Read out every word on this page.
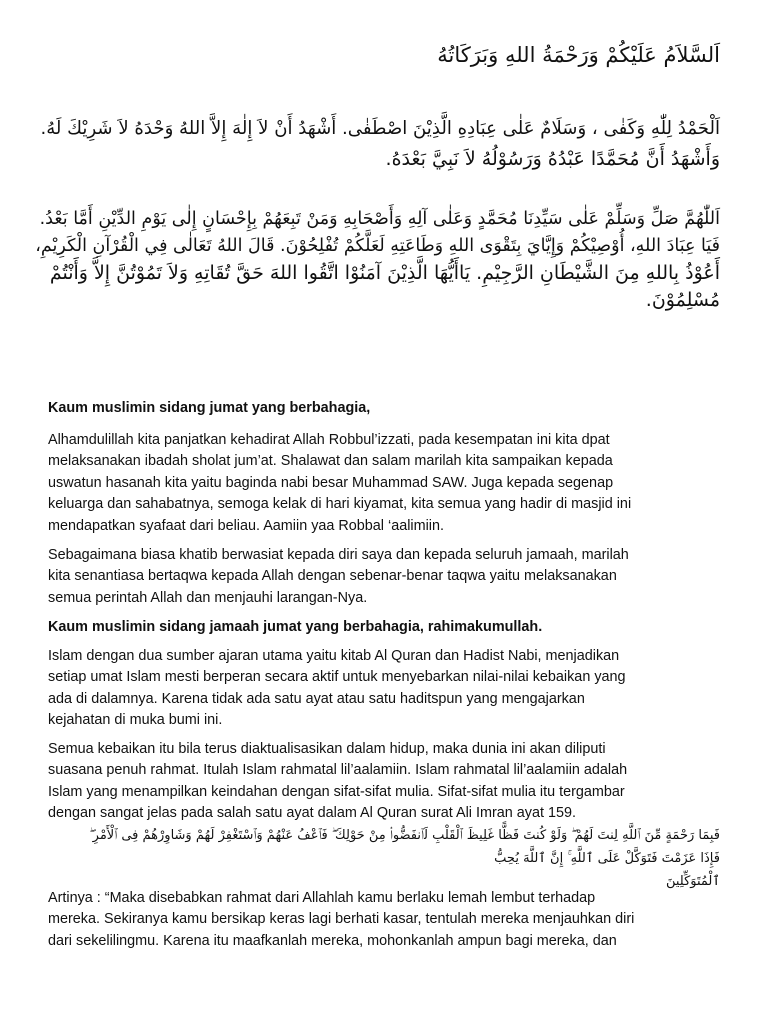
اَلسَّلاَمُ عَلَيْكُمْ وَرَحْمَةُ اللهِ وَبَرَكَاتُهُ
اَلْحَمْدُ لِلّٰهِ وَكَفٰى ، وَسَلَامٌ عَلٰى عِبَادِهِ الَّذِيْنَ اصْطَفٰى. أَشْهَدُ أَنْ لاَ إِلٰهَ إِلاَّ اللهُ وَحْدَهُ لاَ شَرِيْكَ لَهُ.
وَأَشْهَدُ أَنَّ مُحَمَّدًا عَبْدُهُ وَرَسُوْلُهُ لاَ نَبِيَّ بَعْدَهُ.
اَللّٰهُمَّ صَلِّ وَسَلِّمْ عَلٰى سَيِّدِنَا مُحَمَّدٍ وَعَلٰى آلِهِ وَأَصْحَابِهِ وَمَنْ تَبِعَهُمْ بِإِحْسَانٍ إِلٰى يَوْمِ الدِّيْنِ أَمَّا بَعْدُ.
فَيَا عِبَادَ اللهِ، أُوْصِيْكُمْ وَإِيَّايَ بِتَقْوَى اللهِ وَطَاعَتِهِ لَعَلَّكُمْ تُفْلِحُوْنَ. قَالَ اللهُ تَعَالٰى فِي الْقُرْآنِ الْكَرِيْمِ،
أَعُوْذُ بِاللهِ مِنَ الشَّيْطَانِ الرَّجِيْمِ. يَاأَيُّهَا الَّذِيْنَ آمَنُوْا اتَّقُوا اللهَ حَقَّ تُقَاتِهِ وَلاَ تَمُوْتُنَّ إِلاَّ وَأَنْتُمْ
مُسْلِمُوْنَ.
Kaum muslimin sidang jumat yang berbahagia,
Alhamdulillah kita panjatkan kehadirat Allah Robbul’izzati, pada kesempatan ini kita dpat
melaksanakan ibadah sholat jum’at. Shalawat dan salam marilah kita sampaikan kepada
uswatun hasanah kita yaitu baginda nabi besar Muhammad SAW. Juga kepada segenap
keluarga dan sahabatnya, semoga kelak di hari kiyamat, kita semua yang hadir di masjid ini
mendapatkan syafaat dari beliau. Aamiin yaa Robbal ‘aalimiin.
Sebagaimana biasa khatib berwasiat kepada diri saya dan kepada seluruh jamaah, marilah
kita senantiasa bertaqwa kepada Allah dengan sebenar-benar taqwa yaitu melaksanakan
semua perintah Allah dan menjauhi larangan-Nya.
Kaum muslimin sidang jamaah jumat yang berbahagia, rahimakumullah.
Islam dengan dua sumber ajaran utama yaitu kitab Al Quran dan Hadist Nabi, menjadikan
setiap umat Islam mesti berperan secara aktif untuk menyebarkan nilai-nilai kebaikan yang
ada di dalamnya. Karena tidak ada satu ayat atau satu haditspun yang mengajarkan
kejahatan di muka bumi ini.
Semua kebaikan itu bila terus diaktualisasikan dalam hidup, maka dunia ini akan diliputi
suasana penuh rahmat. Itulah Islam rahmatal lil’aalamiin. Islam rahmatal lil’aalamiin adalah
Islam yang menampilkan keindahan dengan sifat-sifat mulia. Sifat-sifat mulia itu tergambar
dengan sangat jelas pada salah satu ayat dalam Al Quran surat Ali Imran ayat 159.
فَبِمَا رَحْمَةٍ مِّنَ ٱللَّهِ لِنتَ لَهُمْ ۖ وَلَوْ كُنتَ فَظًّا غَلِيظَ ٱلْقَلْبِ لَٱنفَضُّوا۟ مِنْ حَوْلِكَ ۖ فَٱعْفُ عَنْهُمْ وَٱسْتَغْفِرْ لَهُمْ وَشَاوِرْهُمْ فِى ٱلْأَمْرِ ۖ
فَإِذَا عَزَمْتَ فَتَوَكَّلْ عَلَى ٱللَّهِ ۚ إِنَّ ٱللَّهَ يُحِبُّ
ٱلْمُتَوَكِّلِينَ
Artinya : “Maka disebabkan rahmat dari Allahlah kamu berlaku lemah lembut terhadap
mereka. Sekiranya kamu bersikap keras lagi berhati kasar, tentulah mereka menjauhkan diri
dari sekelilingmu. Karena itu maafkanlah mereka, mohonkanlah ampun bagi mereka, dan
